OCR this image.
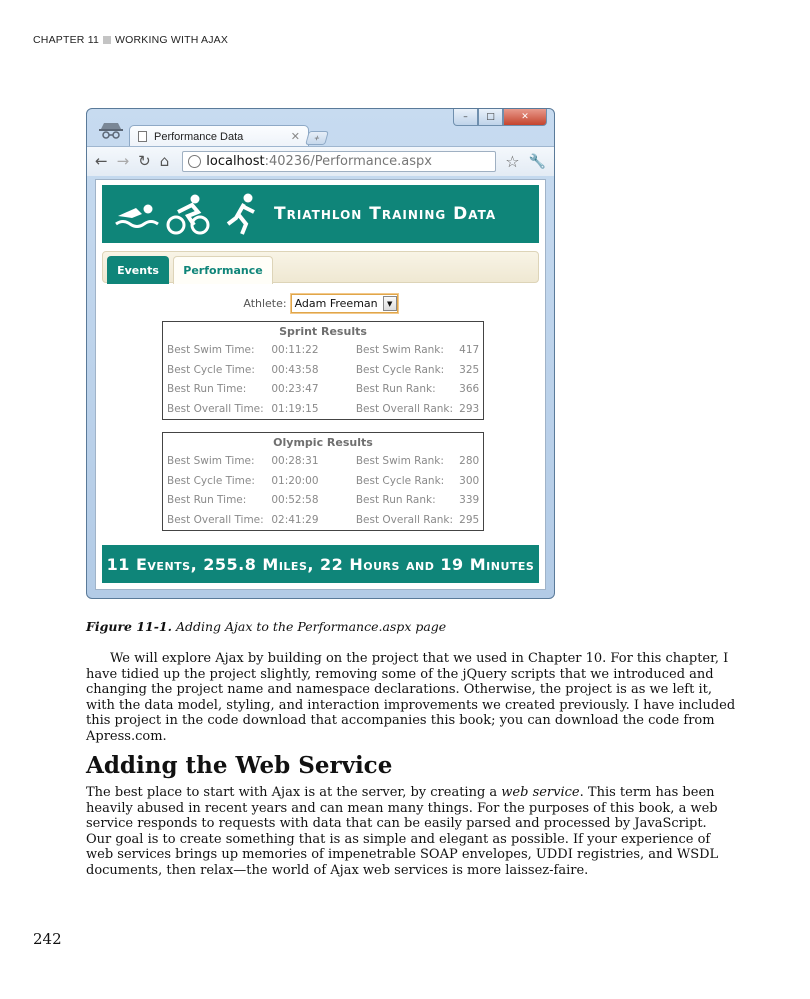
CHAPTER 11 WORKING WITH AJAX
–	□	✕
Performance Data	✕	+
← → ↻ ⌂	localhost:40236/Performance.aspx	☆ 🔧
Triathlon Training Data
Events	Performance
Athlete: Adam Freeman	▼
Sprint Results
Best Swim Time:	00:11:22	Best Swim Rank:	417
Best Cycle Time:	00:43:58	Best Cycle Rank:	325
Best Run Time:	00:23:47	Best Run Rank:	366
Best Overall Time: 01:19:15	Best Overall Rank: 293
Olympic Results
Best Swim Time:	00:28:31	Best Swim Rank:	280
Best Cycle Time:	01:20:00	Best Cycle Rank:	300
Best Run Time:	00:52:58	Best Run Rank:	339
Best Overall Time: 02:41:29	Best Overall Rank: 295
11 Events, 255.8 Miles, 22 Hours and 19 Minutes
Figure 11-1. Adding Ajax to the Performance.aspx page

We will explore Ajax by building on the project that we used in Chapter 10. For this chapter, I have tidied up the project slightly, removing some of the jQuery scripts that we introduced and changing the project name and namespace declarations. Otherwise, the project is as we left it, with the data model, styling, and interaction improvements we created previously. I have included this project in the code download that accompanies this book; you can download the code from Apress.com.

Adding the Web Service

The best place to start with Ajax is at the server, by creating a web service. This term has been heavily abused in recent years and can mean many things. For the purposes of this book, a web service responds to requests with data that can be easily parsed and processed by JavaScript. Our goal is to create something that is as simple and elegant as possible. If your experience of web services brings up memories of impenetrable SOAP envelopes, UDDI registries, and WSDL documents, then relax—the world of Ajax web services is more laissez-faire.

242
